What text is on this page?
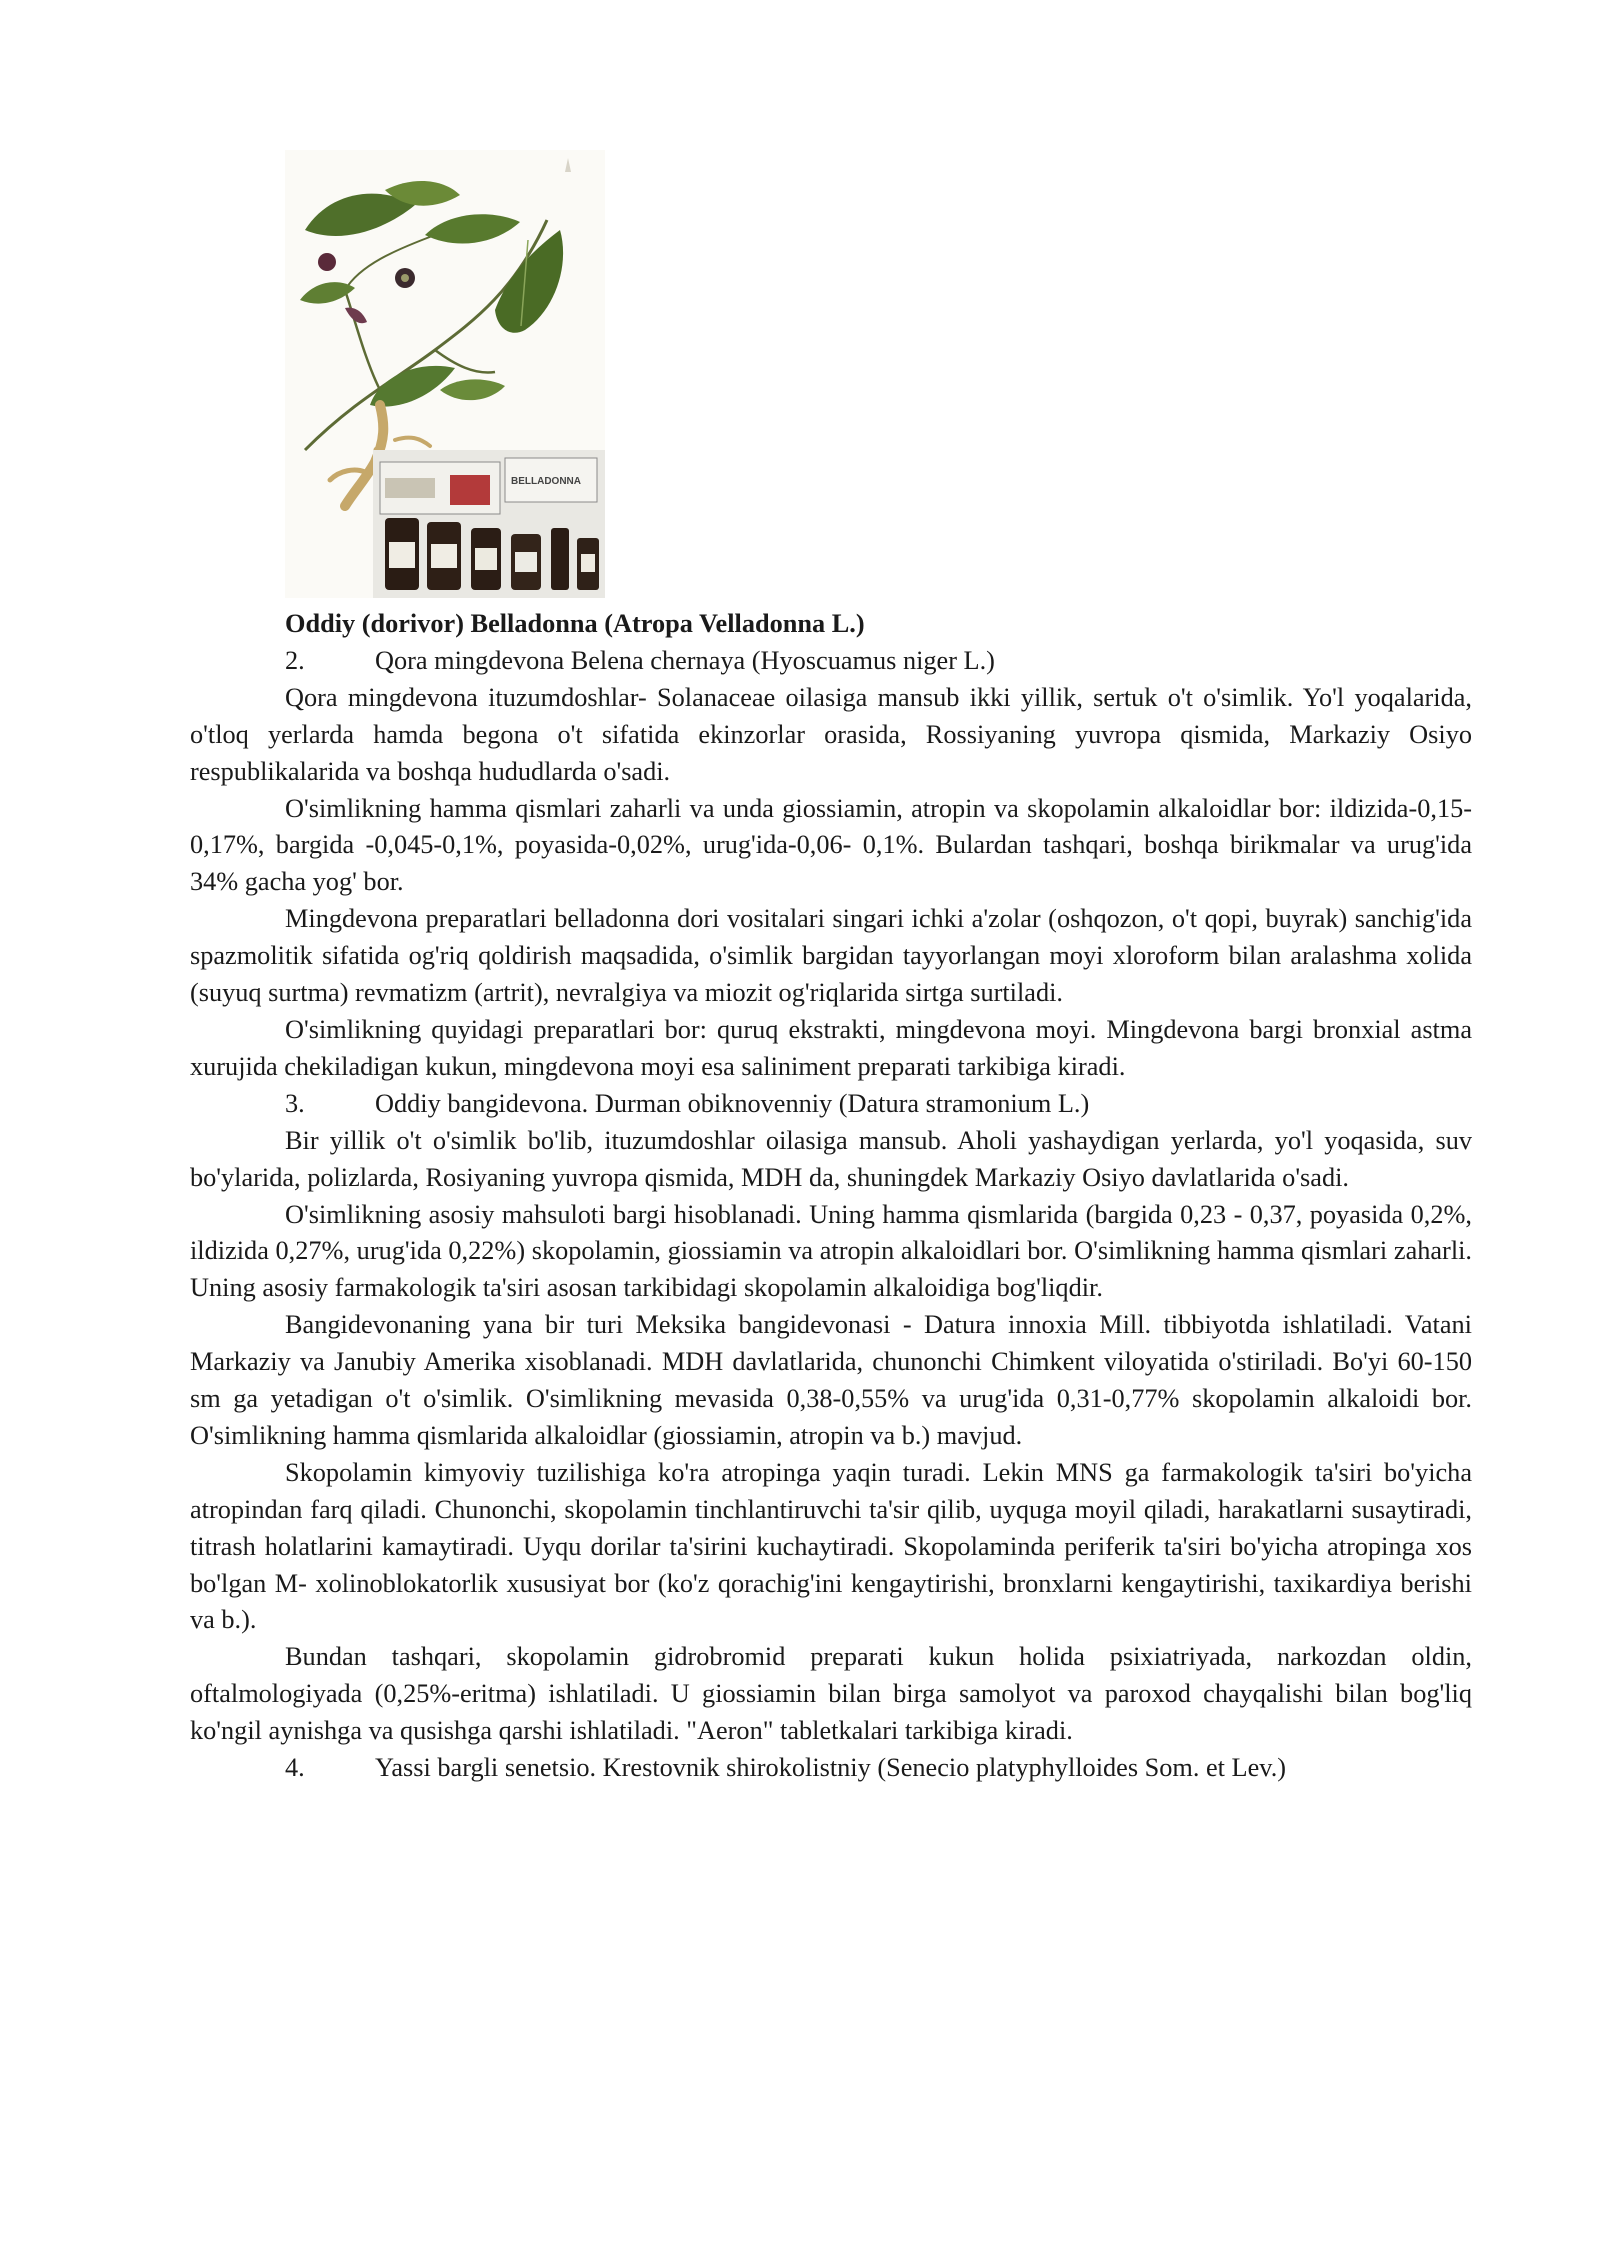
BELLADONNA

Oddiy (dorivor) Belladonna (Atropa Velladonna L.)

2.	Qora mingdevona Belena chernaya (Hyoscuamus niger L.)

Qora mingdevona ituzumdoshlar- Solanaceae oilasiga mansub ikki yillik, sertuk o't o'simlik. Yo'l yoqalarida, o'tloq yerlarda hamda begona o't sifatida ekinzorlar orasida, Rossiyaning yuvropa qismida, Markaziy Osiyo respublikalarida va boshqa hududlarda o'sadi.

O'simlikning hamma qismlari zaharli va unda giossiamin, atropin va skopolamin alkaloidlar bor: ildizida-0,15-0,17%, bargida -0,045-0,1%, poyasida-0,02%, urug'ida-0,06- 0,1%. Bulardan tashqari, boshqa birikmalar va urug'ida 34% gacha yog' bor.

Mingdevona preparatlari belladonna dori vositalari singari ichki a'zolar (oshqozon, o't qopi, buyrak) sanchig'ida spazmolitik sifatida og'riq qoldirish maqsadida, o'simlik bargidan tayyorlangan moyi xloroform bilan aralashma xolida (suyuq surtma) revmatizm (artrit), nevralgiya va miozit og'riqlarida sirtga surtiladi.

O'simlikning quyidagi preparatlari bor: quruq ekstrakti, mingdevona moyi. Mingdevona bargi bronxial astma xurujida chekiladigan kukun, mingdevona moyi esa saliniment preparati tarkibiga kiradi.

3.	Oddiy bangidevona. Durman obiknovenniy (Datura stramonium L.)

Bir yillik o't o'simlik bo'lib, ituzumdoshlar oilasiga mansub. Aholi yashaydigan yerlarda, yo'l yoqasida, suv bo'ylarida, polizlarda, Rosiyaning yuvropa qismida, MDH da, shuningdek Markaziy Osiyo davlatlarida o'sadi.

O'simlikning asosiy mahsuloti bargi hisoblanadi. Uning hamma qismlarida (bargida 0,23 - 0,37, poyasida 0,2%, ildizida 0,27%, urug'ida 0,22%) skopolamin, giossiamin va atropin alkaloidlari bor. O'simlikning hamma qismlari zaharli. Uning asosiy farmakologik ta'siri asosan tarkibidagi skopolamin alkaloidiga bog'liqdir.

Bangidevonaning yana bir turi Meksika bangidevonasi - Datura innoxia Mill. tibbiyotda ishlatiladi. Vatani Markaziy va Janubiy Amerika xisoblanadi. MDH davlatlarida, chunonchi Chimkent viloyatida o'stiriladi. Bo'yi 60-150 sm ga yetadigan o't o'simlik. O'simlikning mevasida 0,38-0,55% va urug'ida 0,31-0,77% skopolamin alkaloidi bor. O'simlikning hamma qismlarida alkaloidlar (giossiamin, atropin va b.) mavjud.

Skopolamin kimyoviy tuzilishiga ko'ra atropinga yaqin turadi. Lekin MNS ga farmakologik ta'siri bo'yicha atropindan farq qiladi. Chunonchi, skopolamin tinchlantiruvchi ta'sir qilib, uyquga moyil qiladi, harakatlarni susaytiradi, titrash holatlarini kamaytiradi. Uyqu dorilar ta'sirini kuchaytiradi. Skopolaminda periferik ta'siri bo'yicha atropinga xos bo'lgan M- xolinoblokatorlik xususiyat bor (ko'z qorachig'ini kengaytirishi, bronxlarni kengaytirishi, taxikardiya berishi va b.).

Bundan tashqari, skopolamin gidrobromid preparati kukun holida psixiatriyada, narkozdan oldin, oftalmologiyada (0,25%-eritma) ishlatiladi. U giossiamin bilan birga samolyot va paroxod chayqalishi bilan bog'liq ko'ngil aynishga va qusishga qarshi ishlatiladi. "Aeron" tabletkalari tarkibiga kiradi.

4.	Yassi bargli senetsio. Krestovnik shirokolistniy (Senecio platyphylloides Som. et Lev.)
